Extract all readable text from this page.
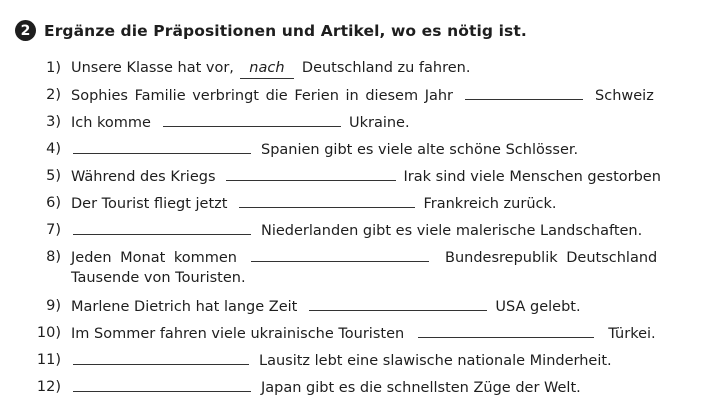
2 Ergänze die Präpositionen und Artikel, wo es nötig ist.
1) Unsere Klasse hat vor, nach Deutschland zu fahren.
2) Sophies Familie verbringt die Ferien in diesem Jahr	Schweiz
3) Ich komme	Ukraine.
4)	Spanien gibt es viele alte schöne Schlösser.
5) Während des Kriegs	Irak sind viele Menschen gestorben
6) Der Tourist fliegt jetzt	Frankreich zurück.
7)	Niederlanden gibt es viele malerische Landschaften.
8) Jeden Monat kommen	Bundesrepublik Deutschland
Tausende von Touristen.
9) Marlene Dietrich hat lange Zeit	USA gelebt.
10) Im Sommer fahren viele ukrainische Touristen	Türkei.
11)	Lausitz lebt eine slawische nationale Minderheit.
12)	Japan gibt es die schnellsten Züge der Welt.
